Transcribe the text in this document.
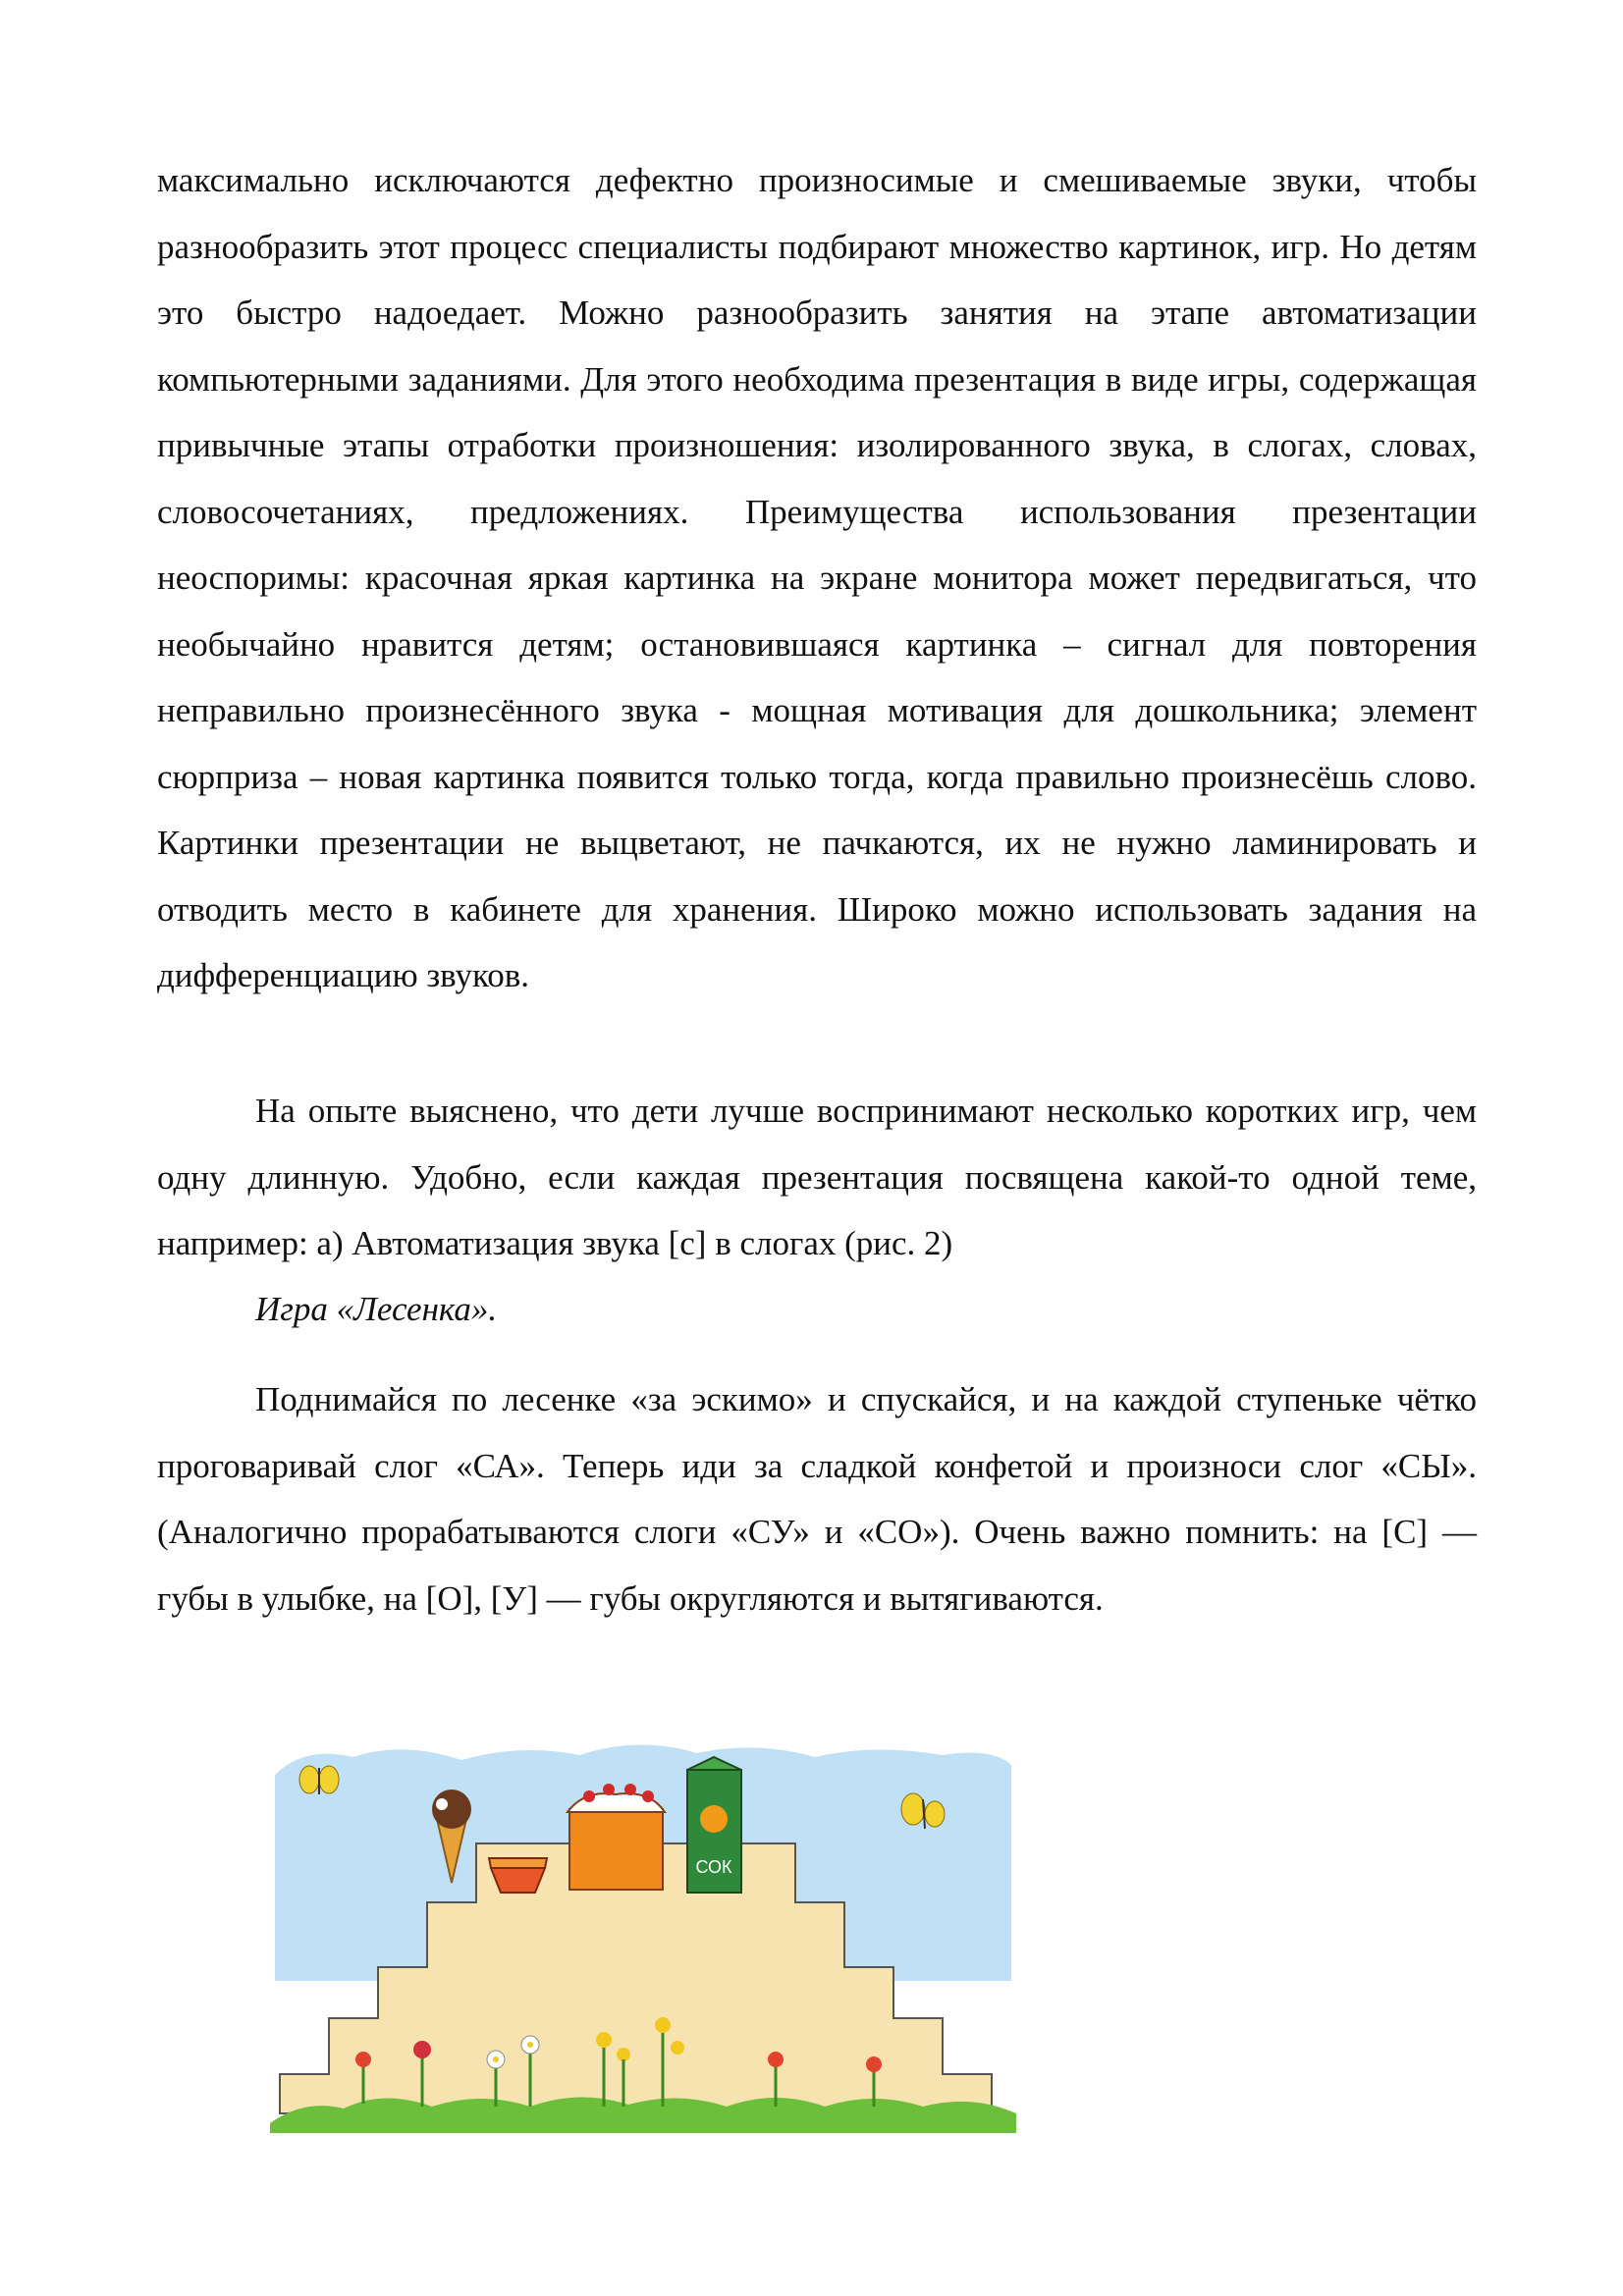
максимально исключаются дефектно произносимые и смешиваемые звуки, чтобы разнообразить этот процесс специалисты подбирают множество картинок, игр. Но детям это быстро надоедает. Можно разнообразить занятия на этапе автоматизации компьютерными заданиями. Для этого необходима презентация в виде игры, содержащая привычные этапы отработки произношения: изолированного звука, в слогах, словах, словосочетаниях, предложениях. Преимущества использования презентации неоспоримы: красочная яркая картинка на экране монитора может передвигаться, что необычайно нравится детям; остановившаяся картинка – сигнал для повторения неправильно произнесённого звука - мощная мотивация для дошкольника; элемент сюрприза – новая картинка появится только тогда, когда правильно произнесёшь слово. Картинки презентации не выцветают, не пачкаются, их не нужно ламинировать и отводить место в кабинете для хранения. Широко можно использовать задания на дифференциацию звуков.

На опыте выяснено, что дети лучше воспринимают несколько коротких игр, чем одну длинную. Удобно, если каждая презентация посвящена какой-то одной теме, например: а) Автоматизация звука [с] в слогах (рис. 2)

Игра «Лесенка».

Поднимайся по лесенке «за эскимо» и спускайся, и на каждой ступеньке чётко проговаривай слог «СА». Теперь иди за сладкой конфетой и произноси слог «СЫ». (Аналогично прорабатываются слоги «СУ» и «СО»). Очень важно помнить: на [С] — губы в улыбке, на [О], [У] — губы округляются и вытягиваются.

СОК
